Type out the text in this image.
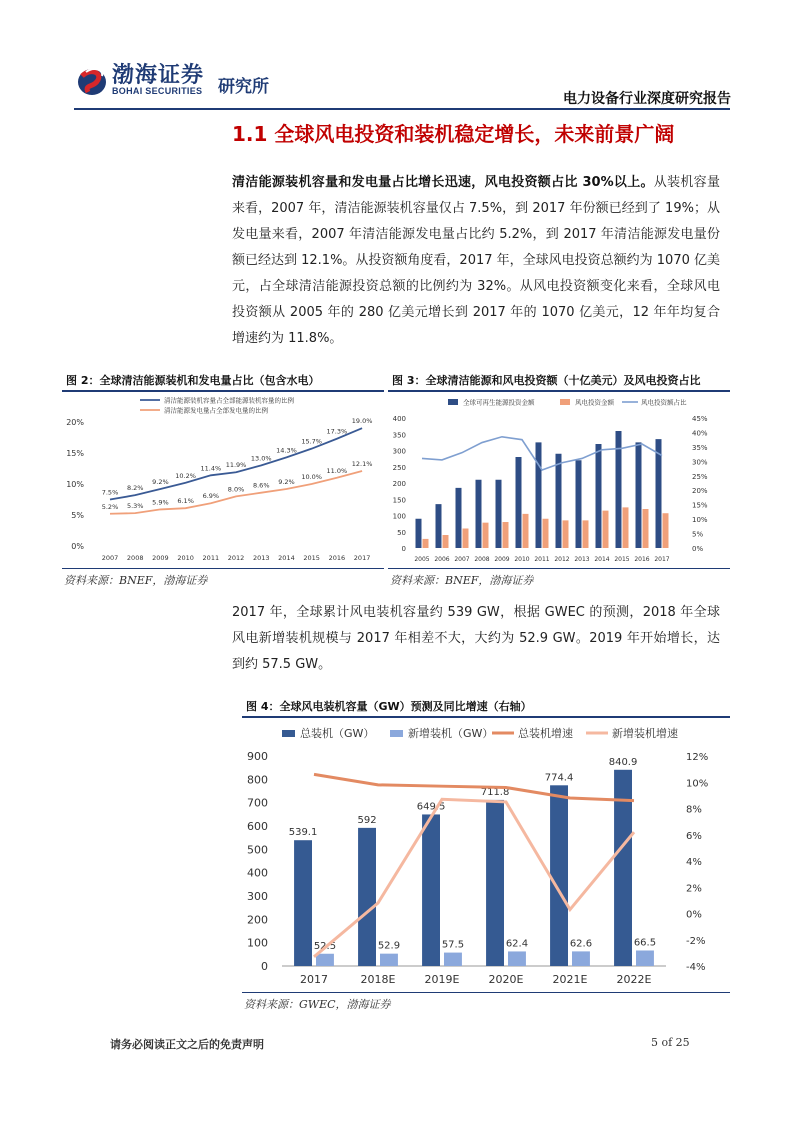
渤海证券
BOHAI SECURITIES 研究所
电力设备行业深度研究报告
1.1 全球风电投资和装机稳定增长，未来前景广阔
清洁能源装机容量和发电量占比增长迅速，风电投资额占比 30%以上。从装机容量来看，2007 年，清洁能源装机容量仅占 7.5%，到 2017 年份额已经到了 19%；从发电量来看，2007 年清洁能源发电量占比约 5.2%，到 2017 年清洁能源发电量份额已经达到 12.1%。从投资额角度看，2017 年，全球风电投资总额约为 1070 亿美元，占全球清洁能源投资总额的比例约为 32%。从风电投资额变化来看，全球风电投资额从 2005 年的 280 亿美元增长到 2017 年的 1070 亿美元，12 年年均复合增速约为 11.8%。
图 2：全球清洁能源装机和发电量占比（包含水电）
0%
5%
10%
15%
20%
2007 2008 2009 2010 2011 2012 2013 2014 2015 2016 2017
7.5%
8.2%
9.2%
10.2%
11.4% 11.9%
13.0%
14.3%
15.7%
17.3%
19.0%
清洁能源装机容量占全部能源装机容量的比例
5.2% 5.3% 5.9% 6.1%
6.9%
8.0% 8.6% 9.2%
10.0%
11.0%
12.1%
清洁能源发电量占全部发电量的比例
资料来源：BNEF，渤海证券
图 3：全球清洁能源和风电投资额（十亿美元）及风电投资占比
0
50
100
150
200
250
300
350
400
0%
5%
10%
15%
20%
25%
30%
35%
40%
45%
2005 2006 2007 2008 2009 2010 2011 2012 2013 2014 2015 2016 2017
全球可再生能源投资金额	风电投资金额	风电投资额占比
资料来源：BNEF，渤海证券
2017 年，全球累计风电装机容量约 539 GW，根据 GWEC 的预测，2018 年全球风电新增装机规模与 2017 年相差不大，大约为 52.9 GW。2019 年开始增长，达到约 57.5 GW。
图 4：全球风电装机容量（GW）预测及同比增速（右轴）
0
100
200
300
400
500
600
700
800
900
-4%
-2%
0%
2%
4%
6%
8%
10%
12%
2017	2018E	2019E	2020E	2021E	2022E
539.1
52.5
592
52.9
649.5
57.5
711.8
62.4
774.4
62.6
840.9
66.5
总装机（GW）	新增装机（GW） 总装机增速	新增装机增速
资料来源：GWEC，渤海证券
请务必阅读正文之后的免责声明	5 of 25
